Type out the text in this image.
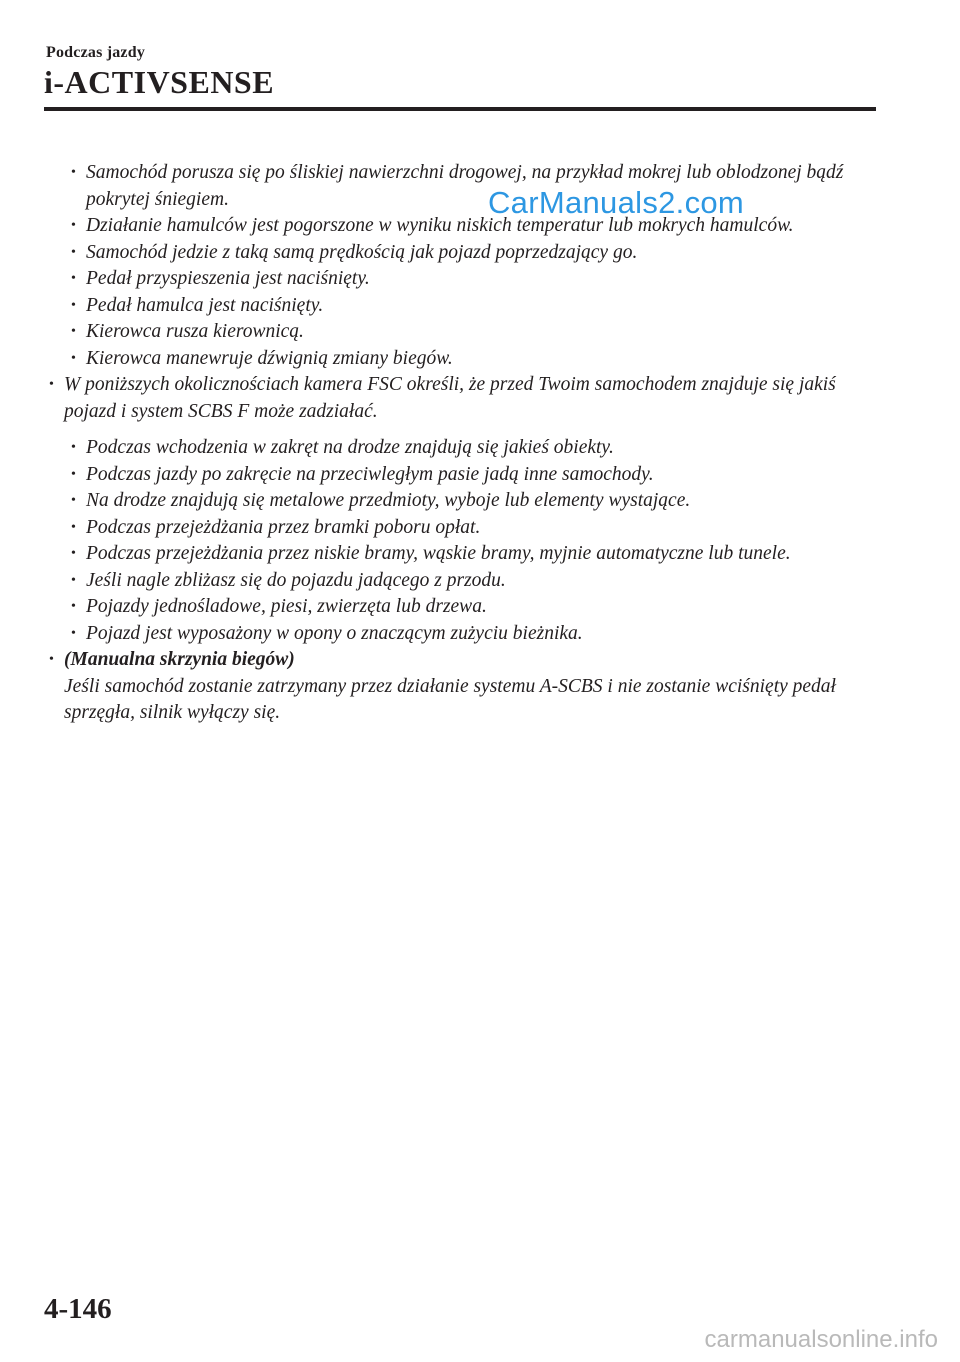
Podczas jazdy
i-ACTIVSENSE

• Samochód porusza się po śliskiej nawierzchni drogowej, na przykład mokrej lub oblodzonej bądź pokrytej śniegiem.

• Działanie hamulców jest pogorszone w wyniku niskich temperatur lub mokrych hamulców.

• Samochód jedzie z taką samą prędkością jak pojazd poprzedzający go.

• Pedał przyspieszenia jest naciśnięty.

• Pedał hamulca jest naciśnięty.

• Kierowca rusza kierownicą.

• Kierowca manewruje dźwignią zmiany biegów.

• W poniższych okolicznościach kamera FSC określi, że przed Twoim samochodem znajduje się jakiś pojazd i system SCBS F może zadziałać.

• Podczas wchodzenia w zakręt na drodze znajdują się jakieś obiekty.

• Podczas jazdy po zakręcie na przeciwległym pasie jadą inne samochody.

• Na drodze znajdują się metalowe przedmioty, wyboje lub elementy wystające.

• Podczas przejeżdżania przez bramki poboru opłat.

• Podczas przejeżdżania przez niskie bramy, wąskie bramy, myjnie automatyczne lub tunele.

• Jeśli nagle zbliżasz się do pojazdu jadącego z przodu.

• Pojazdy jednośladowe, piesi, zwierzęta lub drzewa.

• Pojazd jest wyposażony w opony o znaczącym zużyciu bieżnika.

• (Manualna skrzynia biegów)
Jeśli samochód zostanie zatrzymany przez działanie systemu A-SCBS i nie zostanie wciśnięty pedał sprzęgła, silnik wyłączy się.
CarManuals2.com
4-146
carmanualsonline.info
